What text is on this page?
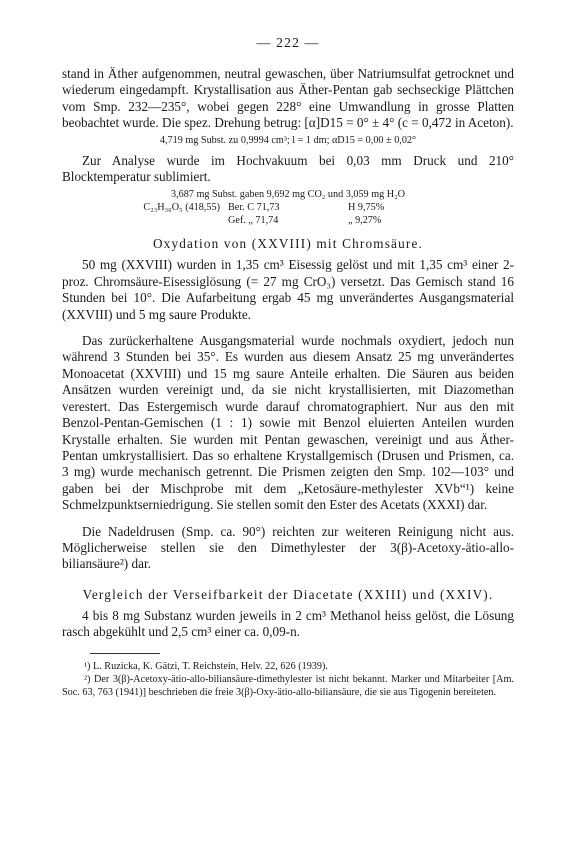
— 222 —

stand in Äther aufgenommen, neutral gewaschen, über Natriumsulfat getrocknet und wiederum eingedampft. Krystallisation aus Äther-Pentan gab sechseckige Plättchen vom Smp. 232—235°, wobei gegen 228° eine Umwandlung in grosse Platten beobachtet wurde. Die spez. Drehung betrug: [α]D15 = 0° ± 4° (c = 0,472 in Aceton).

4,719 mg Subst. zu 0,9994 cm³; l = 1 dm; αD15 = 0,00 ± 0,02°

Zur Analyse wurde im Hochvakuum bei 0,03 mm Druck und 210° Blocktemperatur sublimiert.

3,687 mg Subst. gaben 9,692 mg CO₂ und 3,059 mg H₂O
C₂₃H₃₀O₅ (418,55) Ber. C 71,73	H 9,75%
Gef. „ 71,74	„ 9,27%
Oxydation von (XXVIII) mit Chromsäure.

50 mg (XXVIII) wurden in 1,35 cm³ Eisessig gelöst und mit 1,35 cm³ einer 2-proz. Chromsäure-Eisessiglösung (= 27 mg CrO₃) versetzt. Das Gemisch stand 16 Stunden bei 10°. Die Aufarbeitung ergab 45 mg unverändertes Ausgangsmaterial (XXVIII) und 5 mg saure Produkte.

Das zurückerhaltene Ausgangsmaterial wurde nochmals oxydiert, jedoch nun während 3 Stunden bei 35°. Es wurden aus diesem Ansatz 25 mg unverändertes Monoacetat (XXVIII) und 15 mg saure Anteile erhalten. Die Säuren aus beiden Ansätzen wurden vereinigt und, da sie nicht krystallisierten, mit Diazomethan verestert. Das Estergemisch wurde darauf chromatographiert. Nur aus den mit Benzol-Pentan-Gemischen (1 : 1) sowie mit Benzol eluierten Anteilen wurden Krystalle erhalten. Sie wurden mit Pentan gewaschen, vereinigt und aus Äther-Pentan umkrystallisiert. Das so erhaltene Krystallgemisch (Drusen und Prismen, ca. 3 mg) wurde mechanisch getrennt. Die Prismen zeigten den Smp. 102—103° und gaben bei der Mischprobe mit dem „Ketosäure-methylester XVb“¹) keine Schmelzpunktserniedrigung. Sie stellen somit den Ester des Acetats (XXXI) dar.

Die Nadeldrusen (Smp. ca. 90°) reichten zur weiteren Reinigung nicht aus. Möglicherweise stellen sie den Dimethylester der 3(β)-Acetoxy-ätio-allo-biliansäure²) dar.

Vergleich der Verseifbarkeit der Diacetate (XXIII) und (XXIV).

4 bis 8 mg Substanz wurden jeweils in 2 cm³ Methanol heiss gelöst, die Lösung rasch abgekühlt und 2,5 cm³ einer ca. 0,09-n.

¹) L. Ruzicka, K. Gätzi, T. Reichstein, Helv. 22, 626 (1939).

²) Der 3(β)-Acetoxy-ätio-allo-biliansäure-dimethylester ist nicht bekannt. Marker und Mitarbeiter [Am. Soc. 63, 763 (1941)] beschrieben die freie 3(β)-Oxy-ätio-allo-biliansäure, die sie aus Tigogenin bereiteten.
